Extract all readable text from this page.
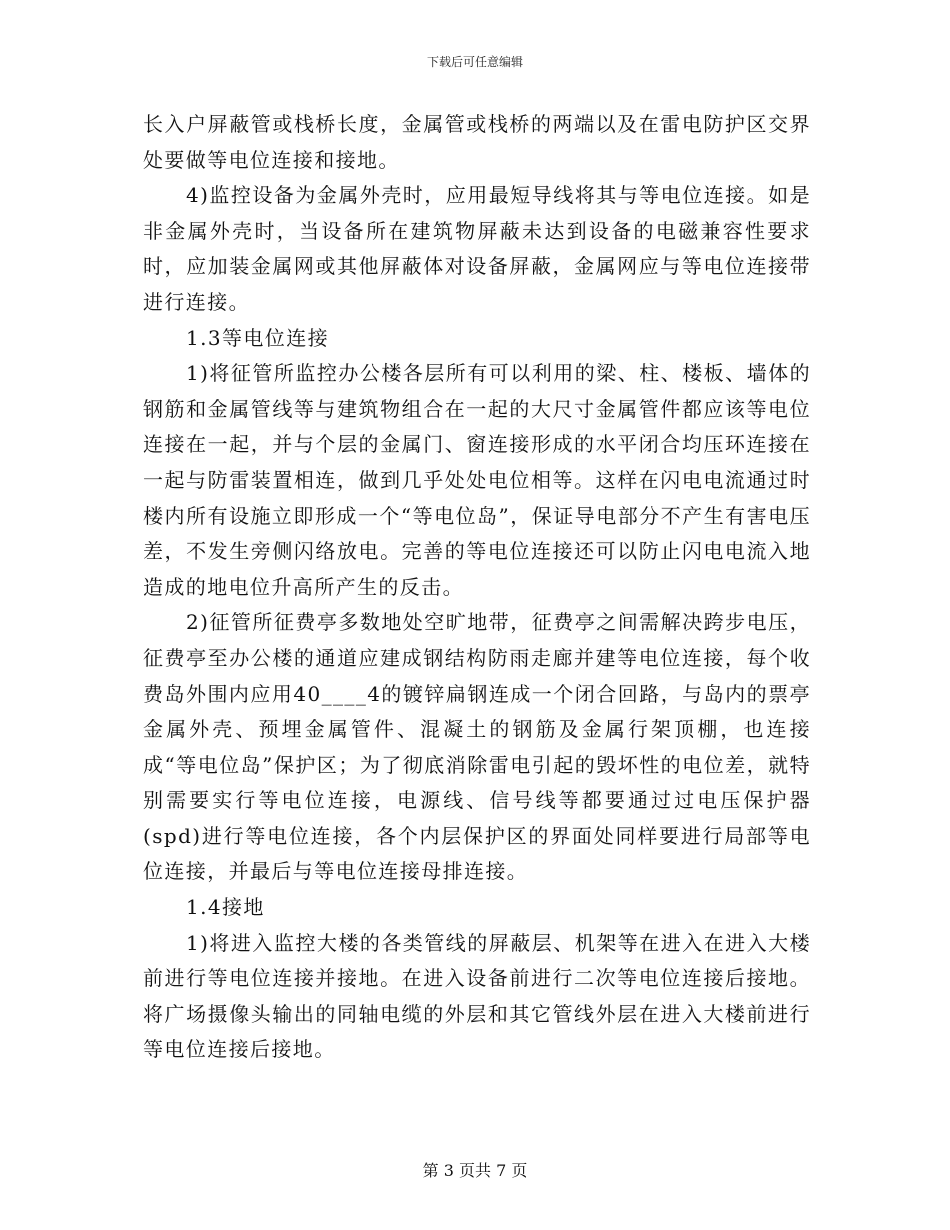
下载后可任意编辑

长入户屏蔽管或栈桥长度，金属管或栈桥的两端以及在雷电防护区交界处要做等电位连接和接地。

4)监控设备为金属外壳时，应用最短导线将其与等电位连接。如是非金属外壳时，当设备所在建筑物屏蔽未达到设备的电磁兼容性要求时，应加装金属网或其他屏蔽体对设备屏蔽，金属网应与等电位连接带进行连接。

1.3等电位连接

1)将征管所监控办公楼各层所有可以利用的梁、柱、楼板、墙体的钢筋和金属管线等与建筑物组合在一起的大尺寸金属管件都应该等电位连接在一起，并与个层的金属门、窗连接形成的水平闭合均压环连接在一起与防雷装置相连，做到几乎处处电位相等。这样在闪电电流通过时楼内所有设施立即形成一个“等电位岛”，保证导电部分不产生有害电压差，不发生旁侧闪络放电。完善的等电位连接还可以防止闪电电流入地造成的地电位升高所产生的反击。

2)征管所征费亭多数地处空旷地带，征费亭之间需解决跨步电压，征费亭至办公楼的通道应建成钢结构防雨走廊并建等电位连接，每个收费岛外围内应用40____4的镀锌扁钢连成一个闭合回路，与岛内的票亭金属外壳、预埋金属管件、混凝土的钢筋及金属行架顶棚，也连接成“等电位岛”保护区；为了彻底消除雷电引起的毁坏性的电位差，就特别需要实行等电位连接，电源线、信号线等都要通过过电压保护器(spd)进行等电位连接，各个内层保护区的界面处同样要进行局部等电位连接，并最后与等电位连接母排连接。

1.4接地

1)将进入监控大楼的各类管线的屏蔽层、机架等在进入在进入大楼前进行等电位连接并接地。在进入设备前进行二次等电位连接后接地。将广场摄像头输出的同轴电缆的外层和其它管线外层在进入大楼前进行等电位连接后接地。

第 3 页共 7 页
